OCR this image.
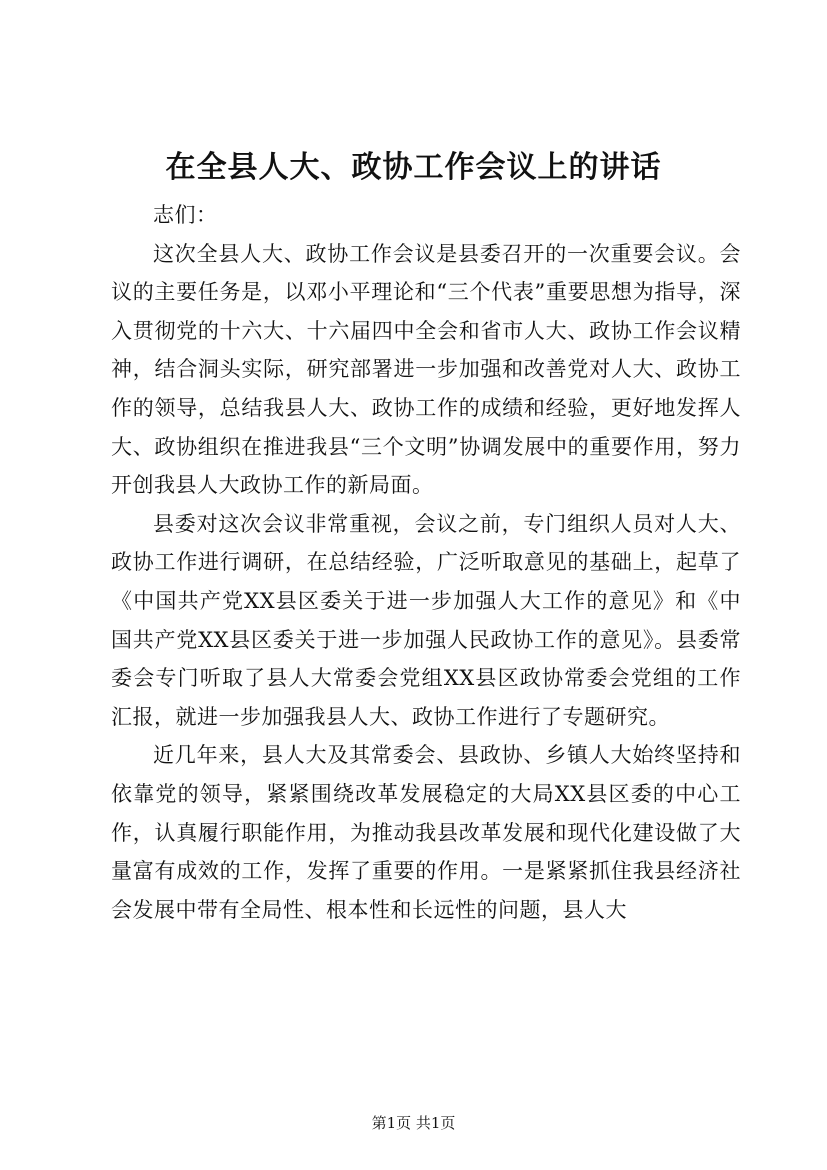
在全县人大、政协工作会议上的讲话

志们：

这次全县人大、政协工作会议是县委召开的一次重要会议。会议的主要任务是，以邓小平理论和“三个代表”重要思想为指导，深入贯彻党的十六大、十六届四中全会和省市人大、政协工作会议精神，结合洞头实际，研究部署进一步加强和改善党对人大、政协工作的领导，总结我县人大、政协工作的成绩和经验，更好地发挥人大、政协组织在推进我县“三个文明”协调发展中的重要作用，努力开创我县人大政协工作的新局面。

县委对这次会议非常重视，会议之前，专门组织人员对人大、政协工作进行调研，在总结经验，广泛听取意见的基础上，起草了《中国共产党XX县区委关于进一步加强人大工作的意见》和《中国共产党XX县区委关于进一步加强人民政协工作的意见》。县委常委会专门听取了县人大常委会党组XX县区政协常委会党组的工作汇报，就进一步加强我县人大、政协工作进行了专题研究。

近几年来，县人大及其常委会、县政协、乡镇人大始终坚持和依靠党的领导，紧紧围绕改革发展稳定的大局XX县区委的中心工作，认真履行职能作用，为推动我县改革发展和现代化建设做了大量富有成效的工作，发挥了重要的作用。一是紧紧抓住我县经济社会发展中带有全局性、根本性和长远性的问题，县人大

第1页 共1页
